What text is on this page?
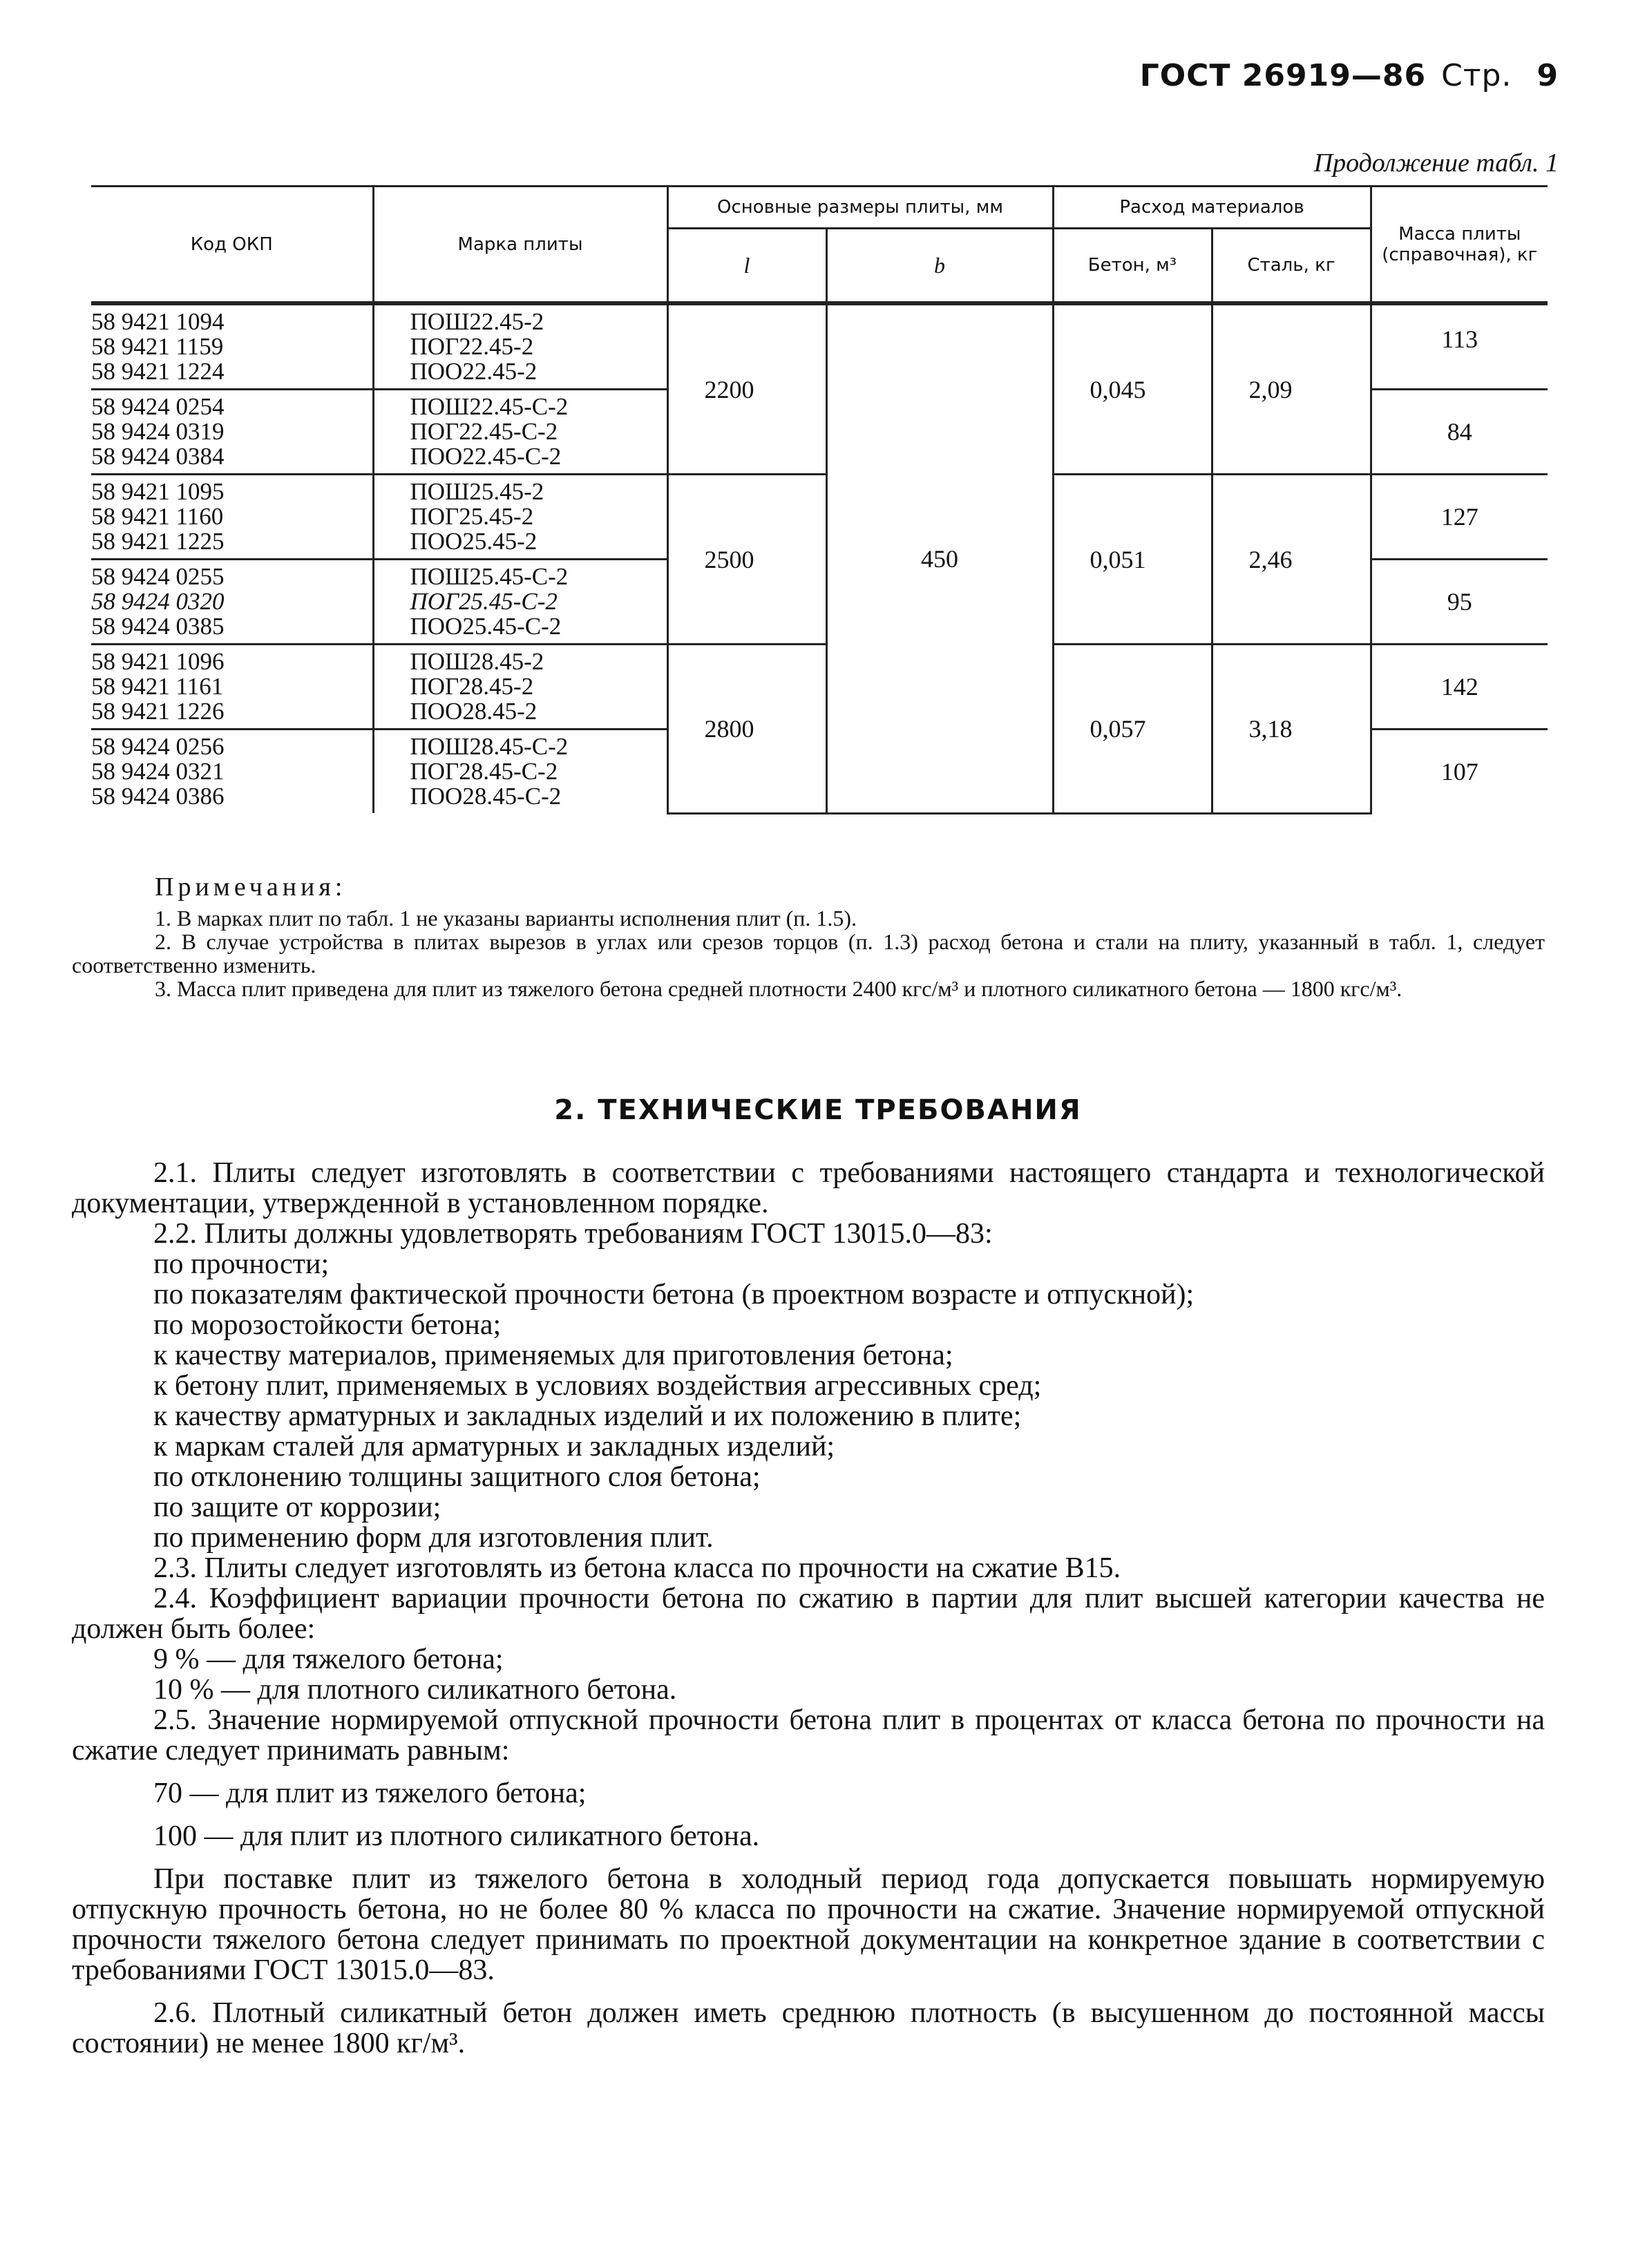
ГОСТ 26919—86 Стр. 9
Продолжение табл. 1
Код ОКП	Марка плиты	Основные размеры плиты, мм		Расход материалов		Масса плиты (справочная), кг
		l	b	Бетон, м³	Сталь, кг	

58 9421 1094
58 9421 1159
58 9421 1224	ПОШ22.45-2
ПОГ22.45-2
ПОО22.45-2	2200	450	0,045	2,09	113

58 9424 0254
58 9424 0319
58 9424 0384	ПОШ22.45-С-2
ПОГ22.45-С-2
ПОО22.45-С-2					84

58 9421 1095
58 9421 1160
58 9421 1225	ПОШ25.45-2
ПОГ25.45-2
ПОО25.45-2	2500		0,051	2,46	127

58 9424 0255
58 9424 0320
58 9424 0385	ПОШ25.45-С-2
ПОГ25.45-С-2
ПОО25.45-С-2					95

58 9421 1096
58 9421 1161
58 9421 1226	ПОШ28.45-2
ПОГ28.45-2
ПОО28.45-2	2800		0,057	3,18	142

58 9424 0256
58 9424 0321
58 9424 0386	ПОШ28.45-С-2
ПОГ28.45-С-2
ПОО28.45-С-2					107
Примечания:

1. В марках плит по табл. 1 не указаны варианты исполнения плит (п. 1.5).

2. В случае устройства в плитах вырезов в углах или срезов торцов (п. 1.3) расход бетона и стали на плиту, указанный в табл. 1, следует соответственно изменить.

3. Масса плит приведена для плит из тяжелого бетона средней плотности 2400 кгс/м³ и плотного силикатного бетона — 1800 кгс/м³.

2. ТЕХНИЧЕСКИЕ ТРЕБОВАНИЯ

2.1. Плиты следует изготовлять в соответствии с требованиями настоящего стандарта и технологической документации, утвержденной в установленном порядке.

2.2. Плиты должны удовлетворять требованиям ГОСТ 13015.0—83:

по прочности;

по показателям фактической прочности бетона (в проектном возрасте и отпускной);

по морозостойкости бетона;

к качеству материалов, применяемых для приготовления бетона;

к бетону плит, применяемых в условиях воздействия агрессивных сред;

к качеству арматурных и закладных изделий и их положению в плите;

к маркам сталей для арматурных и закладных изделий;

по отклонению толщины защитного слоя бетона;

по защите от коррозии;

по применению форм для изготовления плит.

2.3. Плиты следует изготовлять из бетона класса по прочности на сжатие В15.

2.4. Коэффициент вариации прочности бетона по сжатию в партии для плит высшей категории качества не должен быть более:

9 % — для тяжелого бетона;

10 % — для плотного силикатного бетона.

2.5. Значение нормируемой отпускной прочности бетона плит в процентах от класса бетона по прочности на сжатие следует принимать равным:

70 — для плит из тяжелого бетона;

100 — для плит из плотного силикатного бетона.

При поставке плит из тяжелого бетона в холодный период года допускается повышать нормируемую отпускную прочность бетона, но не более 80 % класса по прочности на сжатие. Значение нормируемой отпускной прочности тяжелого бетона следует принимать по проектной документации на конкретное здание в соответствии с требованиями ГОСТ 13015.0—83.

2.6. Плотный силикатный бетон должен иметь среднюю плотность (в высушенном до постоянной массы состоянии) не менее 1800 кг/м³.
